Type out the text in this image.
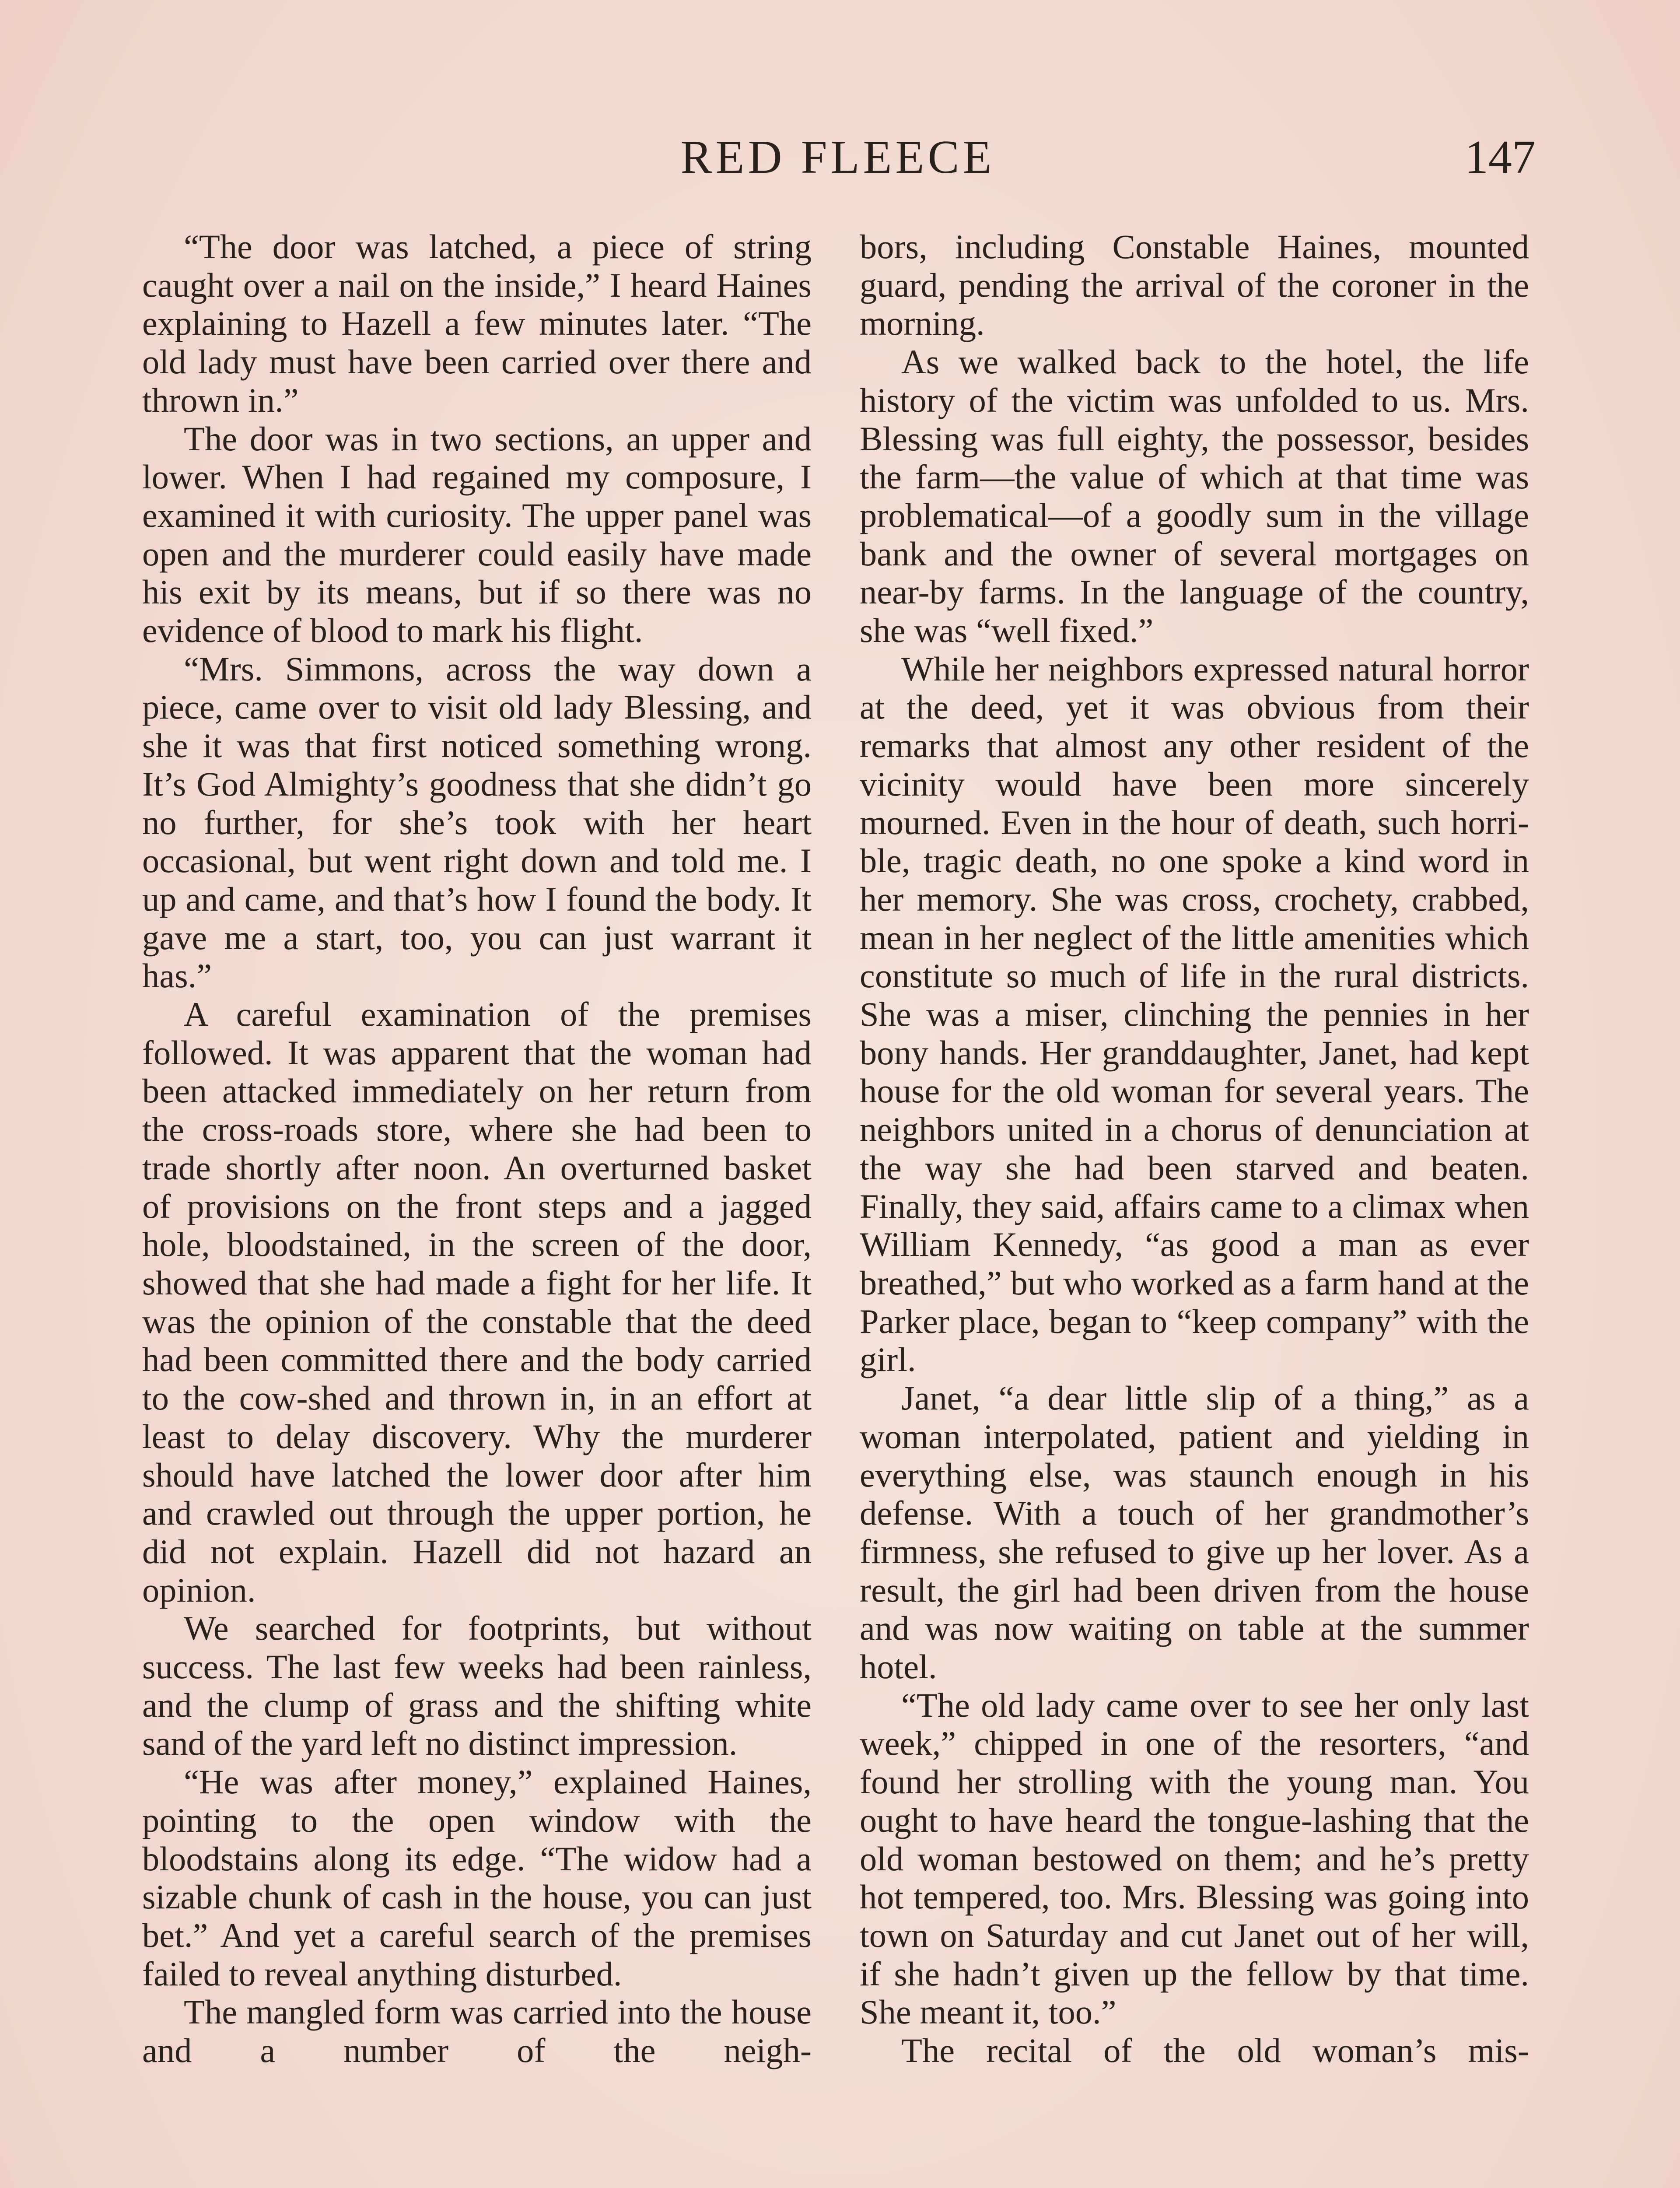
RED FLEECE	147

“The door was latched, a piece of string caught over a nail on the inside,” I heard Haines explaining to Hazell a few minutes later. “The old lady must have been carried over there and thrown in.”

The door was in two sections, an upper and lower. When I had regained my composure, I examined it with curiosity. The upper panel was open and the murderer could easily have made his exit by its means, but if so there was no evidence of blood to mark his flight.

“Mrs. Simmons, across the way down a piece, came over to visit old lady Blessing, and she it was that first noticed something wrong. It’s God Almighty’s goodness that she didn’t go no further, for she’s took with her heart occasional, but went right down and told me. I up and came, and that’s how I found the body. It gave me a start, too, you can just warrant it has.”

A careful examination of the premises followed. It was apparent that the woman had been attacked immediately on her return from the cross-roads store, where she had been to trade shortly after noon. An overturned basket of provisions on the front steps and a jagged hole, bloodstained, in the screen of the door, showed that she had made a fight for her life. It was the opinion of the constable that the deed had been committed there and the body carried to the cow-shed and thrown in, in an effort at least to delay discovery. Why the murderer should have latched the lower door after him and crawled out through the upper portion, he did not explain. Hazell did not hazard an opinion.

We searched for footprints, but without success. The last few weeks had been rainless, and the clump of grass and the shifting white sand of the yard left no distinct impression.

“He was after money,” explained Haines, pointing to the open window with the bloodstains along its edge. “The widow had a sizable chunk of cash in the house, you can just bet.” And yet a careful search of the premises failed to reveal anything disturbed.

The mangled form was carried into the house and a number of the neigh-

bors, including Constable Haines, mounted guard, pending the arrival of the coroner in the morning.

As we walked back to the hotel, the life history of the victim was unfolded to us. Mrs. Blessing was full eighty, the possessor, besides the farm—the value of which at that time was problematical—of a goodly sum in the village bank and the owner of several mortgages on near-by farms. In the language of the country, she was “well fixed.”

While her neighbors expressed natural horror at the deed, yet it was obvious from their remarks that almost any other resident of the vicinity would have been more sincerely mourned. Even in the hour of death, such horrible, tragic death, no one spoke a kind word in her memory. She was cross, crochety, crabbed, mean in her neglect of the little amenities which constitute so much of life in the rural districts. She was a miser, clinching the pennies in her bony hands. Her granddaughter, Janet, had kept house for the old woman for several years. The neighbors united in a chorus of denunciation at the way she had been starved and beaten. Finally, they said, affairs came to a climax when William Kennedy, “as good a man as ever breathed,” but who worked as a farm hand at the Parker place, began to “keep company” with the girl.

Janet, “a dear little slip of a thing,” as a woman interpolated, patient and yielding in everything else, was staunch enough in his defense. With a touch of her grandmother’s firmness, she refused to give up her lover. As a result, the girl had been driven from the house and was now waiting on table at the summer hotel.

“The old lady came over to see her only last week,” chipped in one of the resorters, “and found her strolling with the young man. You ought to have heard the tongue-lashing that the old woman bestowed on them; and he’s pretty hot tempered, too. Mrs. Blessing was going into town on Saturday and cut Janet out of her will, if she hadn’t given up the fellow by that time. She meant it, too.”

The recital of the old woman’s mis-
